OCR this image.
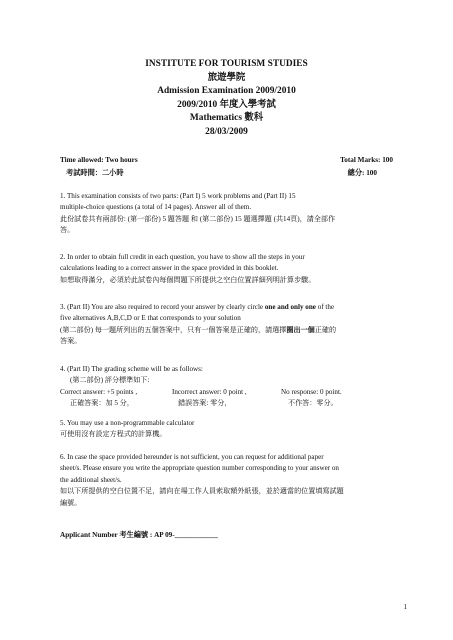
INSTITUTE FOR TOURISM STUDIES
旅遊學院
Admission Examination 2009/2010
2009/2010 年度入學考試
Mathematics 數科
28/03/2009
Time allowed: Two hours	Total Marks: 100
考試時間：二小時	總分: 100
1. This examination consists of two parts: (Part I) 5 work problems and (Part II) 15
multiple-choice questions (a total of 14 pages). Answer all of them.
此份試卷共有兩部份: (第一部份) 5 題答題 和 (第二部份) 15 題選擇題 (共14頁)，請全部作
答。
2. In order to obtain full credit in each question, you have to show all the steps in your
calculations leading to a correct answer in the space provided in this booklet.
如想取得滿分，必須於此試卷內每個問題下所提供之空白位置詳細列明計算步驟。
3. (Part II) You are also required to record your answer by clearly circle one and only one of the
five alternatives A,B,C,D or E that corresponds to your solution
(第二部份) 每一題所列出的五個答案中，只有一個答案是正確的，請選擇圈出一個正確的
答案。
4. (Part II) The grading scheme will be as follows:
(第二部份) 評分標準如下:
Correct answer: +5 points ,	Incorrect answer: 0 point ,	No response: 0 point.
正確答案：加 5 分，	錯誤答案: 零分，	不作答：零分。
5. You may use a non-programmable calculator
可使用沒有設定方程式的計算機。
6. In case the space provided hereunder is not sufficient, you can request for additional paper
sheet/s. Please ensure you write the appropriate question number corresponding to your answer on
the additional sheet/s.
如以下所提供的空白位置不足，請向在場工作人員索取額外紙張，並於適當的位置填寫試題
編號。
Applicant Number 考生編號 : AP 09-____________
1
